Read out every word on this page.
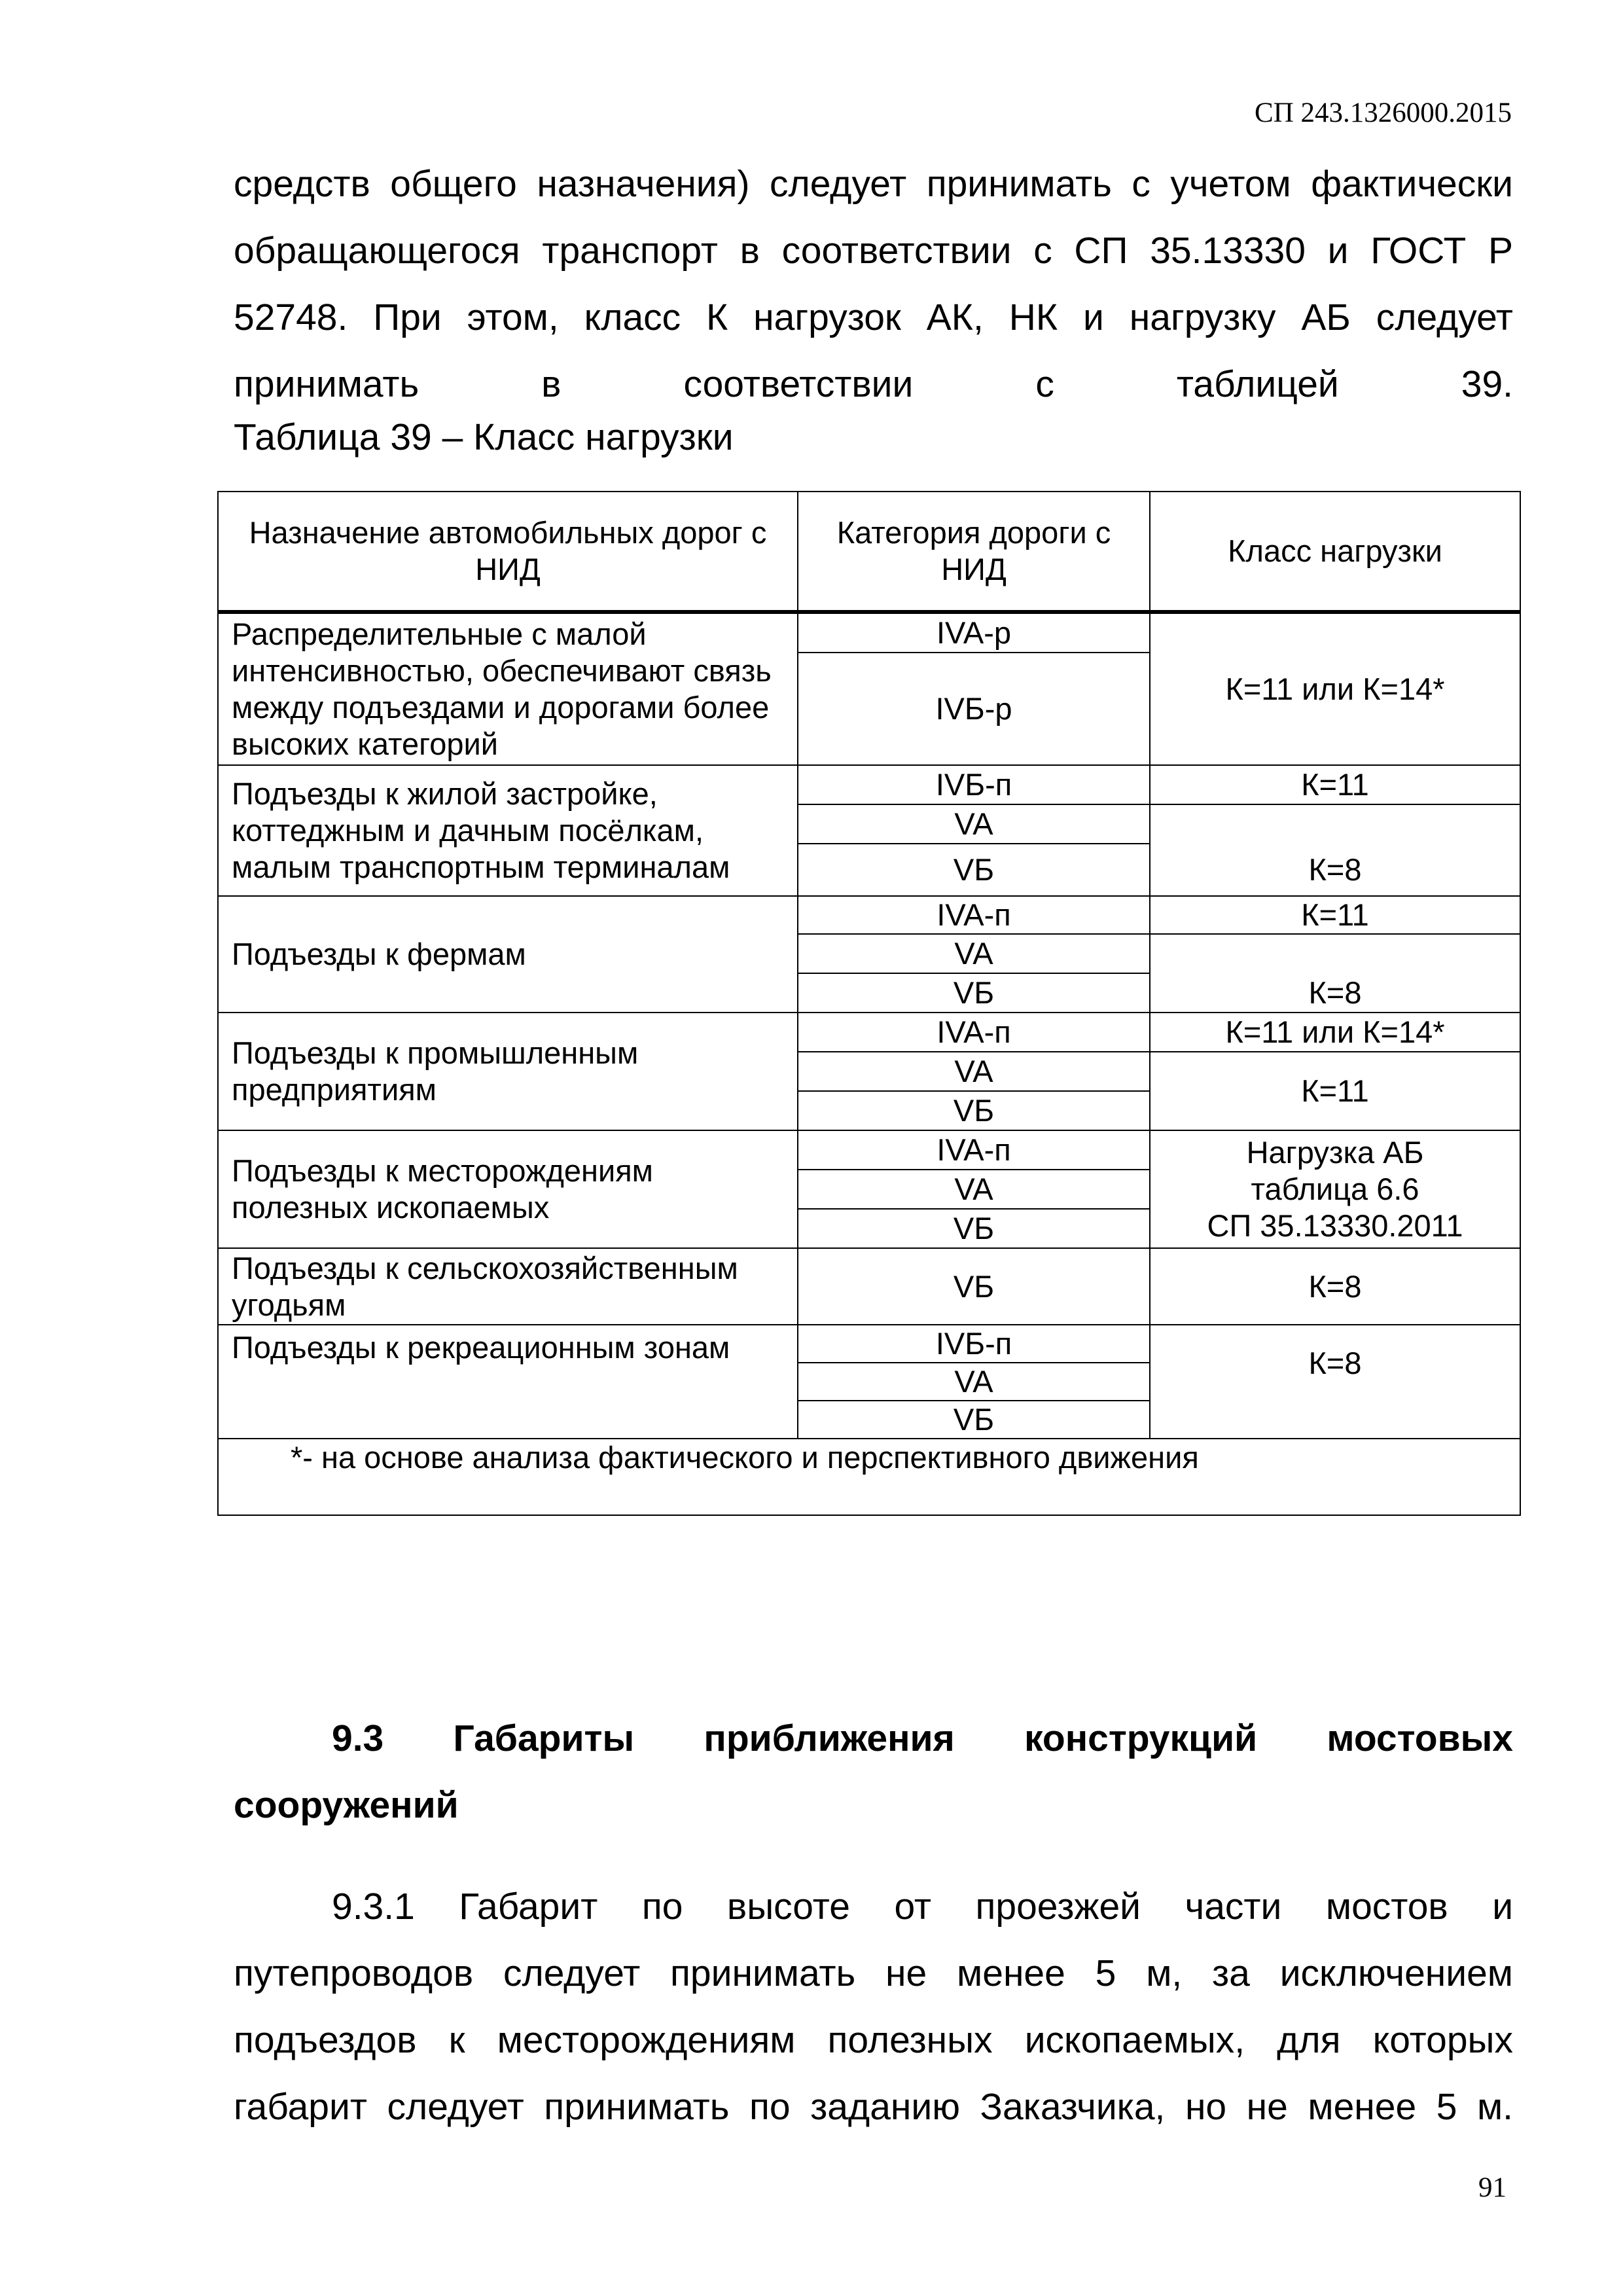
СП 243.1326000.2015

средств общего назначения) следует принимать с учетом фактически обращающегося транспорт в соответствии с СП 35.13330 и ГОСТ Р 52748. При этом, класс К нагрузок АК, НК и нагрузку АБ следует принимать в соответствии с таблицей 39.

Таблица 39 – Класс нагрузки
Назначение автомобильных дорог с НИД	Категория дороги с НИД	Класс нагрузки
Распределительные с малой интенсивностью, обеспечивают связь между подъездами и дорогами более высоких категорий	IVA-р	К=11 или К=14*
	IVБ-р	
Подъезды к жилой застройке, коттеджным и дачным посёлкам, малым транспортным терминалам	IVБ-п	К=11
	VA	
	VБ	К=8
Подъезды к фермам	IVA-п	К=11
	VA	
	VБ	К=8
Подъезды к промышленным предприятиям	IVA-п	К=11 или К=14*
	VA	К=11
	VБ	
Подъезды к месторождениям полезных ископаемых	IVA-п	Нагрузка АБ
таблица 6.6
СП 35.13330.2011

	VA	
	VБ	
Подъезды к сельскохозяйственным угодьям	VБ	К=8
Подъезды к рекреационным зонам	IVБ-п	К=8
	VA	
	VБ	
*- на основе анализа фактического и перспективного движения		
9.3 Габариты приближения конструкций мостовых
сооружений
9.3.1 Габарит по высоте от проезжей части мостов и
путепроводов следует принимать не менее 5 м, за исключением подъездов к месторождениям полезных ископаемых, для которых габарит следует принимать по заданию Заказчика, но не менее 5 м.
91
